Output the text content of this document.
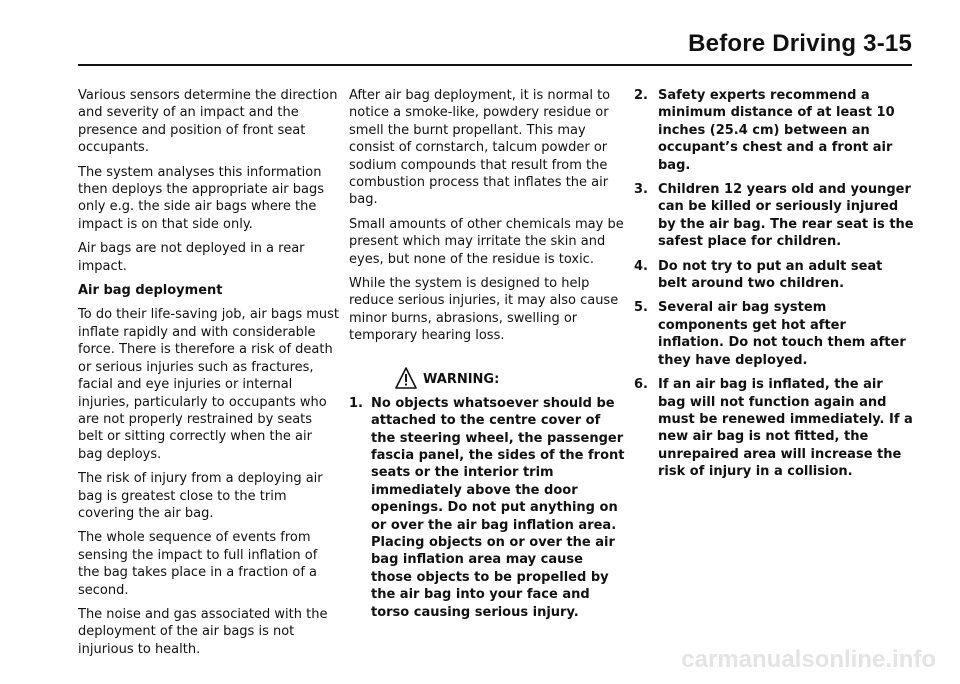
Before Driving 3-15

Various sensors determine the direction and severity of an impact and the presence and position of front seat occupants.

The system analyses this information then deploys the appropriate air bags only e.g. the side air bags where the impact is on that side only.

Air bags are not deployed in a rear impact.

Air bag deployment

To do their life-saving job, air bags must inflate rapidly and with considerable force. There is therefore a risk of death or serious injuries such as fractures, facial and eye injuries or internal injuries, particularly to occupants who are not properly restrained by seats belt or sitting correctly when the air bag deploys.

The risk of injury from a deploying air bag is greatest close to the trim covering the air bag.

The whole sequence of events from sensing the impact to full inflation of the bag takes place in a fraction of a second.

The noise and gas associated with the deployment of the air bags is not injurious to health.

After air bag deployment, it is normal to notice a smoke-like, powdery residue or smell the burnt propellant. This may consist of cornstarch, talcum powder or sodium compounds that result from the combustion process that inflates the air bag.

Small amounts of other chemicals may be present which may irritate the skin and eyes, but none of the residue is toxic.

While the system is designed to help reduce serious injuries, it may also cause minor burns, abrasions, swelling or temporary hearing loss.

WARNING:
1. No objects whatsoever should be attached to the centre cover of the steering wheel, the passenger fascia panel, the sides of the front seats or the interior trim immediately above the door openings. Do not put anything on or over the air bag inflation area. Placing objects on or over the air bag inflation area may cause those objects to be propelled by the air bag into your face and torso causing serious injury.
2. Safety experts recommend a minimum distance of at least 10 inches (25.4 cm) between an occupant’s chest and a front air bag.
3. Children 12 years old and younger can be killed or seriously injured by the air bag. The rear seat is the safest place for children.
4. Do not try to put an adult seat belt around two children.
5. Several air bag system components get hot after inflation. Do not touch them after they have deployed.
6. If an air bag is inflated, the air bag will not function again and must be renewed immediately. If a new air bag is not fitted, the unrepaired area will increase the risk of injury in a collision.
carmanualsonline.info
